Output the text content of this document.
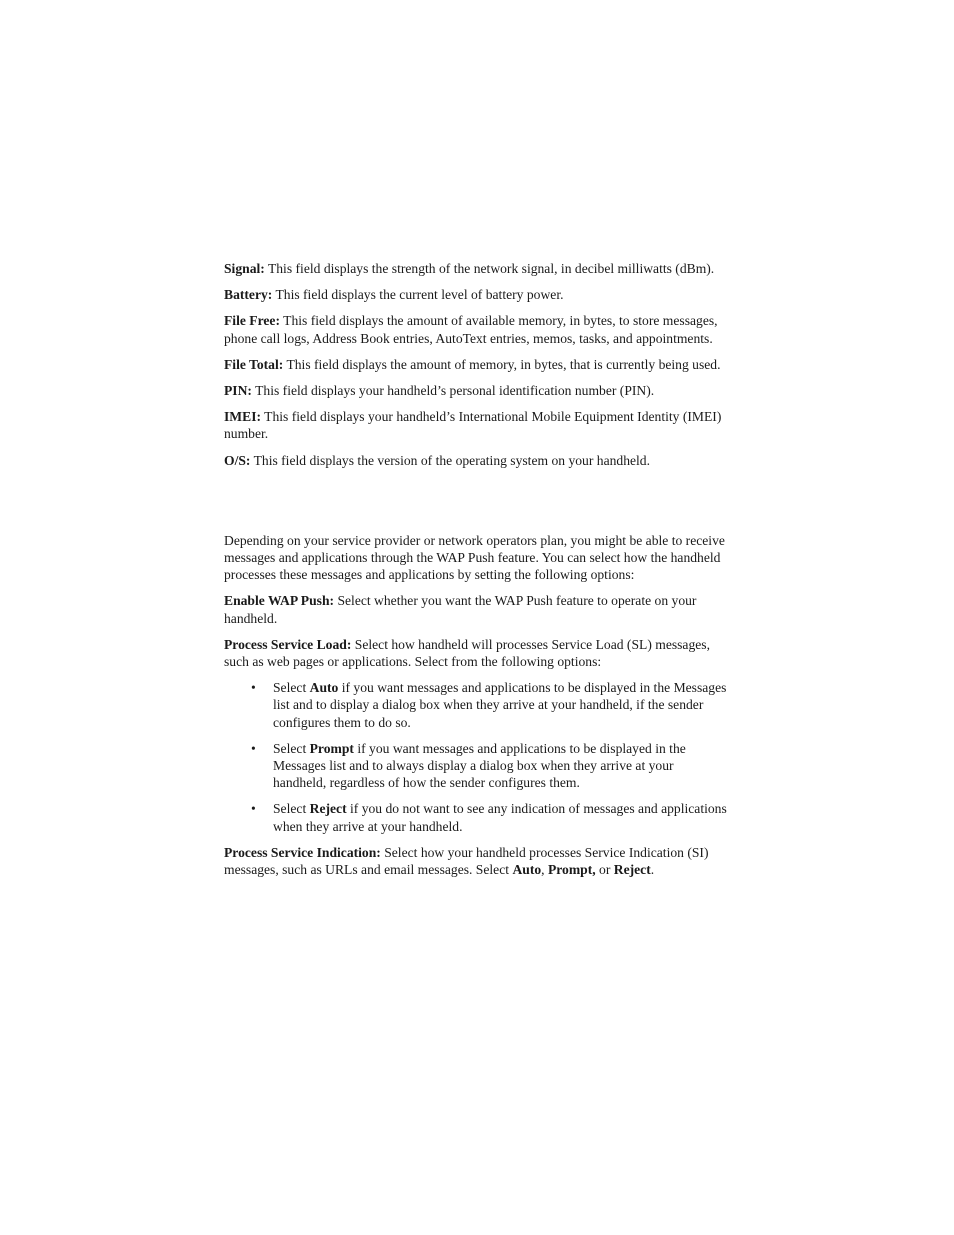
Signal: This field displays the strength of the network signal, in decibel milliwatts (dBm).

Battery: This field displays the current level of battery power.

File Free: This field displays the amount of available memory, in bytes, to store messages, phone call logs, Address Book entries, AutoText entries, memos, tasks, and appointments.

File Total: This field displays the amount of memory, in bytes, that is currently being used.

PIN: This field displays your handheld’s personal identification number (PIN).

IMEI: This field displays your handheld’s International Mobile Equipment Identity (IMEI) number.

O/S: This field displays the version of the operating system on your handheld.

Depending on your service provider or network operators plan, you might be able to receive messages and applications through the WAP Push feature. You can select how the handheld processes these messages and applications by setting the following options:

Enable WAP Push: Select whether you want the WAP Push feature to operate on your handheld.

Process Service Load: Select how handheld will processes Service Load (SL) messages, such as web pages or applications. Select from the following options:

• Select Auto if you want messages and applications to be displayed in the Messages list and to display a dialog box when they arrive at your handheld, if the sender configures them to do so.
• Select Prompt if you want messages and applications to be displayed in the Messages list and to always display a dialog box when they arrive at your handheld, regardless of how the sender configures them.
• Select Reject if you do not want to see any indication of messages and applications when they arrive at your handheld.

Process Service Indication: Select how your handheld processes Service Indication (SI) messages, such as URLs and email messages. Select Auto, Prompt, or Reject.
